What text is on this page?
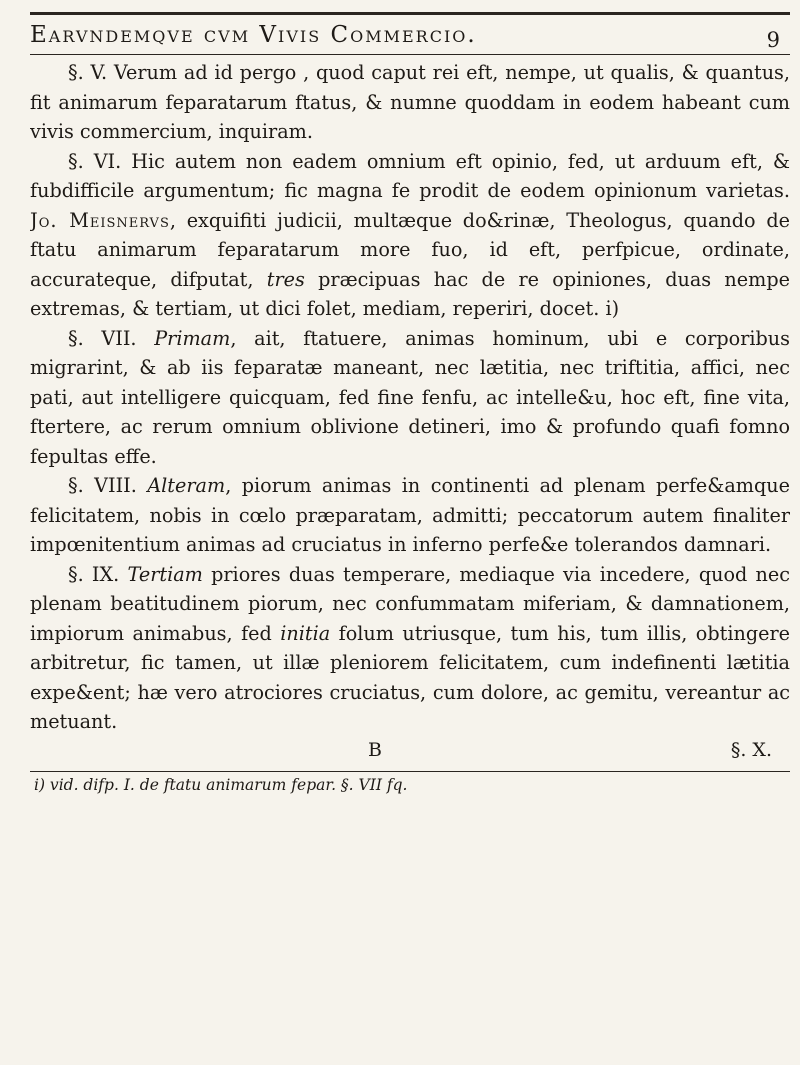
Earvndemqve cvm Vivis Commercio.	9

§. V. Verum ad id pergo , quod caput rei eft, nempe, ut qualis, & quantus, fit animarum feparatarum ftatus, & numne quoddam in eodem habeant cum vivis commercium, inquiram.

§. VI. Hic autem non eadem omnium eft opinio, fed, ut arduum eft, & fubdifficile argumentum; fic magna fe prodit de eodem opinionum varietas. Jo. Meisnervs, exquifiti judicii, multæque do&rinæ, Theologus, quando de ftatu animarum feparatarum more fuo, id eft, perfpicue, ordinate, accurateque, difputat, tres præcipuas hac de re opiniones, duas nempe extremas, & tertiam, ut dici folet, mediam, reperiri, docet. i)

§. VII. Primam, ait, ftatuere, animas hominum, ubi e corporibus migrarint, & ab iis feparatæ maneant, nec lætitia, nec triftitia, affici, nec pati, aut intelligere quicquam, fed fine fenfu, ac intelle&u, hoc eft, fine vita, ftertere, ac rerum omnium oblivione detineri, imo & profundo quafi fomno fepultas effe.

§. VIII. Alteram, piorum animas in continenti ad plenam perfe&amque felicitatem, nobis in cœlo præparatam, admitti; peccatorum autem finaliter impœnitentium animas ad cruciatus in inferno perfe&e tolerandos damnari.

§. IX. Tertiam priores duas temperare, mediaque via incedere, quod nec plenam beatitudinem piorum, nec confummatam miferiam, & damnationem, impiorum animabus, fed initia folum utriusque, tum his, tum illis, obtingere arbitretur, fic tamen, ut illæ pleniorem felicitatem, cum indefinenti lætitia expe&ent; hæ vero atrociores cruciatus, cum dolore, ac gemitu, vereantur ac metuant.

B	§. X.

i) vid. difp. I. de ftatu animarum fepar. §. VII fq.
